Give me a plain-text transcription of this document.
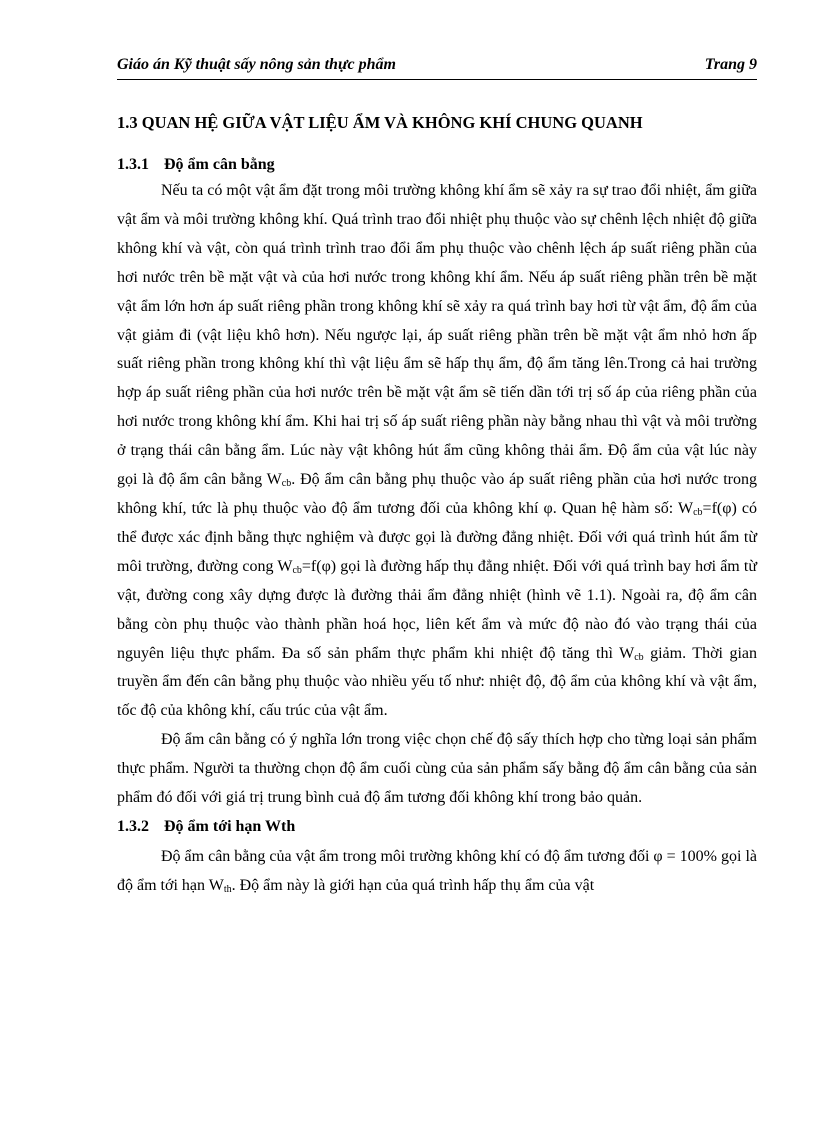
Giáo án Kỹ thuật sấy nông sản thực phẩm	Trang 9
1.3 QUAN HỆ GIỮA VẬT LIỆU ẨM VÀ KHÔNG KHÍ CHUNG QUANH
1.3.1 Độ ẩm cân bằng

Nếu ta có một vật ẩm đặt trong môi trường không khí ẩm sẽ xảy ra sự trao đổi nhiệt, ẩm giữa vật ẩm và môi trường không khí. Quá trình trao đổi nhiệt phụ thuộc vào sự chênh lệch nhiệt độ giữa không khí và vật, còn quá trình trình trao đổi ẩm phụ thuộc vào chênh lệch áp suất riêng phần của hơi nước trên bề mặt vật và của hơi nước trong không khí ẩm. Nếu áp suất riêng phần trên bề mặt vật ẩm lớn hơn áp suất riêng phần trong không khí sẽ xảy ra quá trình bay hơi từ vật ẩm, độ ẩm của vật giảm đi (vật liệu khô hơn). Nếu ngược lại, áp suất riêng phần trên bề mặt vật ẩm nhỏ hơn ấp suất riêng phần trong không khí thì vật liệu ẩm sẽ hấp thụ ẩm, độ ẩm tăng lên.Trong cả hai trường hợp áp suất riêng phần của hơi nước trên bề mặt vật ẩm sẽ tiến dần tới trị số áp của riêng phần của hơi nước trong không khí ẩm. Khi hai trị số áp suất riêng phần này bằng nhau thì vật và môi trường ở trạng thái cân bằng ẩm. Lúc này vật không hút ẩm cũng không thải ẩm. Độ ẩm của vật lúc này gọi là độ ẩm cân bằng $W_{cb}$. Độ ẩm cân bằng phụ thuộc vào áp suất riêng phần của hơi nước trong không khí, tức là phụ thuộc vào độ ẩm tương đối của không khí φ. Quan hệ hàm số: $W_{cb}=f(\varphi)$ có thể được xác định bằng thực nghiệm và được gọi là đường đẳng nhiệt. Đối với quá trình hút ẩm từ môi trường, đường cong $W_{cb}=f(\varphi)$ gọi là đường hấp thụ đẳng nhiệt. Đối với quá trình bay hơi ẩm từ vật, đường cong xây dựng được là đường thải ẩm đẳng nhiệt (hình vẽ 1.1). Ngoài ra, độ ẩm cân bằng còn phụ thuộc vào thành phần hoá học, liên kết ẩm và mức độ nào đó vào trạng thái của nguyên liệu thực phẩm. Đa số sản phẩm thực phẩm khi nhiệt độ tăng thì $W_{cb}$ giảm. Thời gian truyền ẩm đến cân bằng phụ thuộc vào nhiều yếu tố như: nhiệt độ, độ ẩm của không khí và vật ẩm, tốc độ của không khí, cấu trúc của vật ẩm.

Độ ẩm cân bằng có ý nghĩa lớn trong việc chọn chế độ sấy thích hợp cho từng loại sản phẩm thực phẩm. Người ta thường chọn độ ẩm cuối cùng của sản phẩm sấy bằng độ ẩm cân bằng của sản phẩm đó đối với giá trị trung bình cuả độ ẩm tương đối không khí trong bảo quản.

1.3.2 Độ ẩm tới hạn Wth

Độ ẩm cân bằng của vật ẩm trong môi trường không khí có độ ẩm tương đối φ = 100% gọi là độ ẩm tới hạn $W_{th}$. Độ ẩm này là giới hạn của quá trình hấp thụ ẩm của vật
